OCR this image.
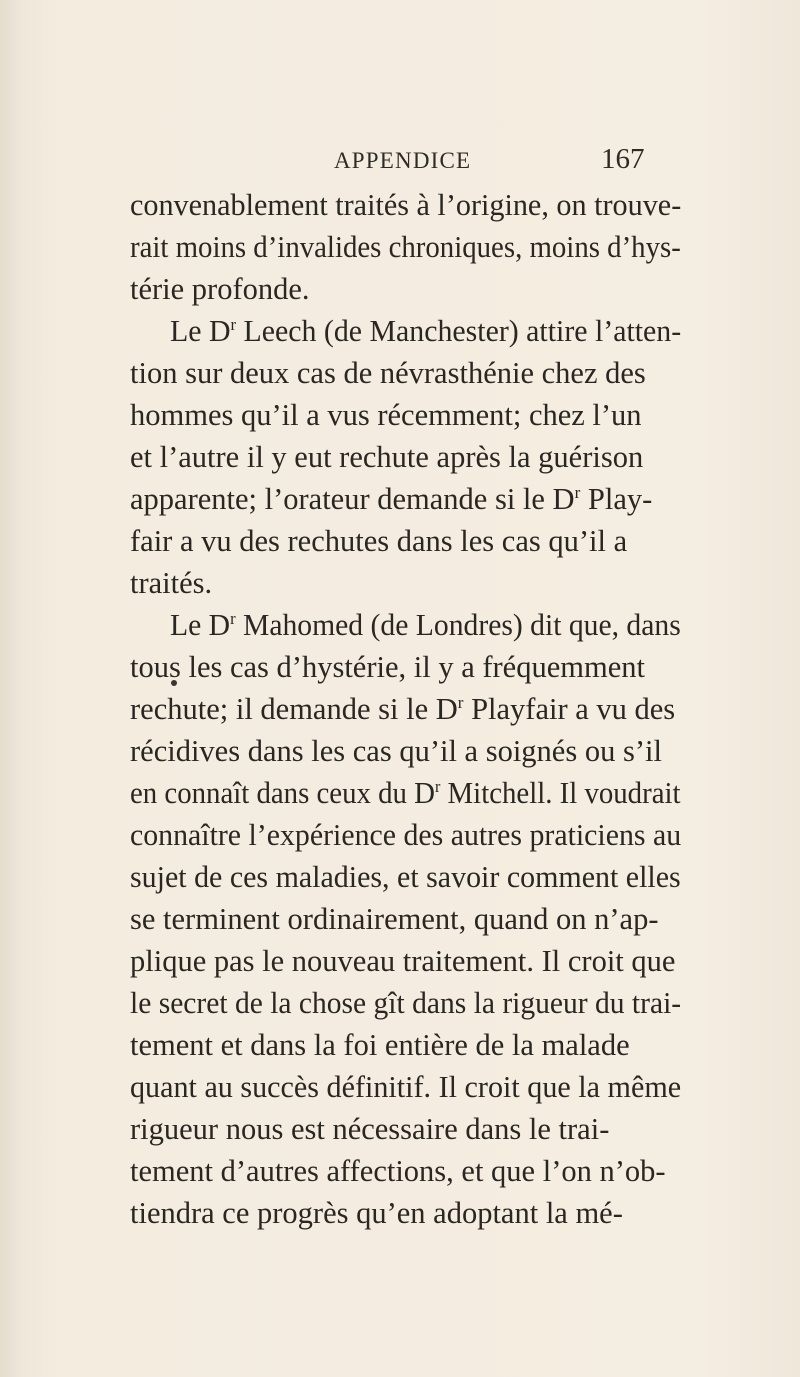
APPENDICE	167
convenablement traités à l’origine, on trouve-
rait moins d’invalides chroniques, moins d’hys-
térie profonde.
Le $D^r$ Leech (de Manchester) attire l’atten-
tion sur deux cas de névrasthénie chez des
hommes qu’il a vus récemment; chez l’un
et l’autre il y eut rechute après la guérison
apparente; l’orateur demande si le $D^r$ Play-
fair a vu des rechutes dans les cas qu’il a
traités.
Le $D^r$ Mahomed (de Londres) dit que, dans
tous les cas d’hystérie, il y a fréquemment
rechute; il demande si le $D^r$ Playfair a vu des
récidives dans les cas qu’il a soignés ou s’il
en connaît dans ceux du $D^r$ Mitchell. Il voudrait
connaître l’expérience des autres praticiens au
sujet de ces maladies, et savoir comment elles
se terminent ordinairement, quand on n’ap-
plique pas le nouveau traitement. Il croit que
le secret de la chose gît dans la rigueur du trai-
tement et dans la foi entière de la malade
quant au succès définitif. Il croit que la même
rigueur nous est nécessaire dans le trai-
tement d’autres affections, et que l’on n’ob-
tiendra ce progrès qu’en adoptant la mé-
